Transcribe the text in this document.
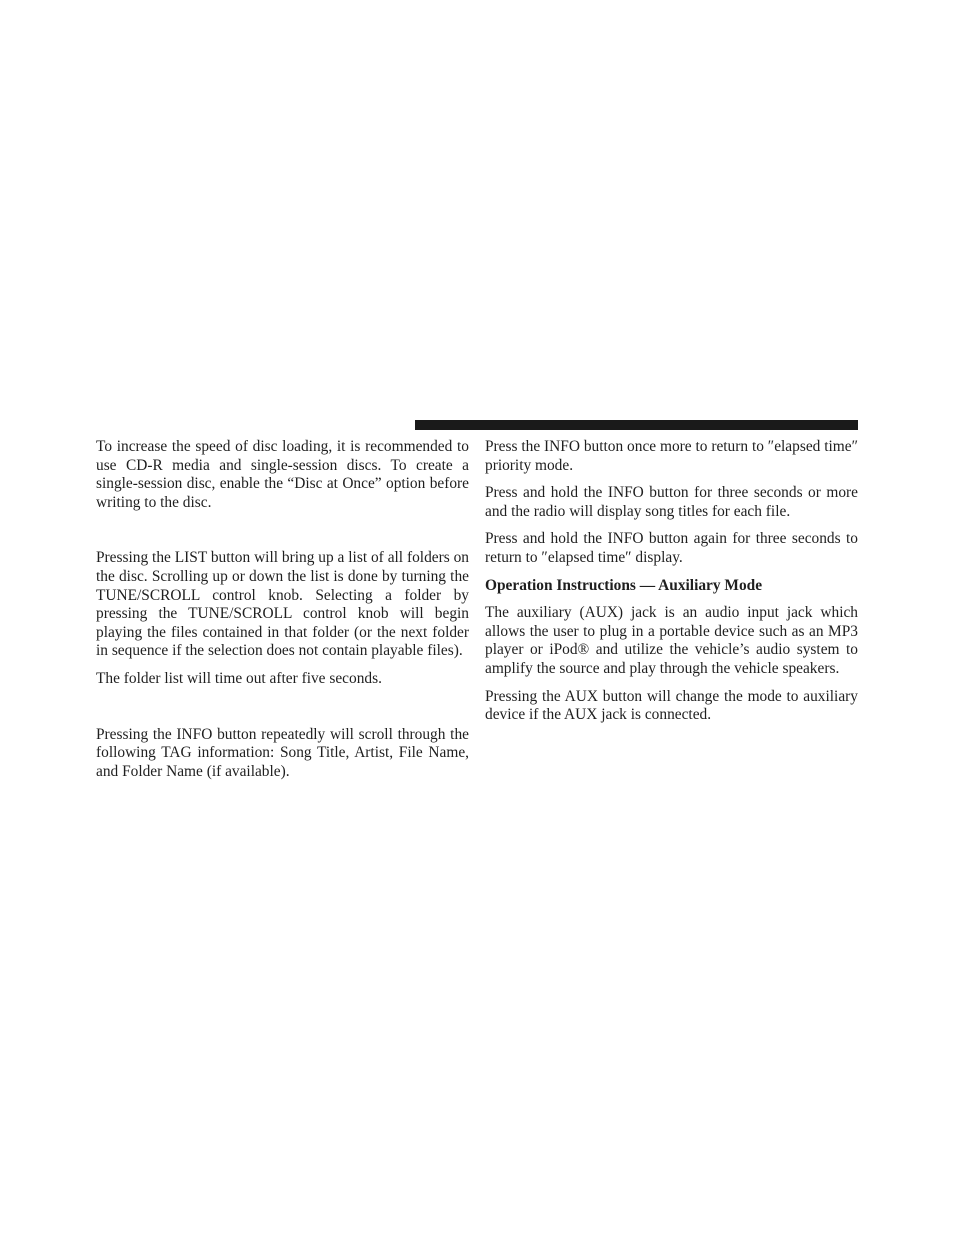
To increase the speed of disc loading, it is recommended to use CD-R media and single-session discs. To create a single-session disc, enable the “Disc at Once” option before writing to the disc.

Pressing the LIST button will bring up a list of all folders on the disc. Scrolling up or down the list is done by turning the TUNE/SCROLL control knob. Selecting a folder by pressing the TUNE/SCROLL control knob will begin playing the files contained in that folder (or the next folder in sequence if the selection does not contain playable files).

The folder list will time out after five seconds.

Pressing the INFO button repeatedly will scroll through the following TAG information: Song Title, Artist, File Name, and Folder Name (if available).

Press the INFO button once more to return to ″elapsed time″ priority mode.

Press and hold the INFO button for three seconds or more and the radio will display song titles for each file.

Press and hold the INFO button again for three seconds to return to ″elapsed time″ display.

Operation Instructions — Auxiliary Mode

The auxiliary (AUX) jack is an audio input jack which allows the user to plug in a portable device such as an MP3 player or iPod® and utilize the vehicle’s audio system to amplify the source and play through the vehicle speakers.

Pressing the AUX button will change the mode to auxiliary device if the AUX jack is connected.
